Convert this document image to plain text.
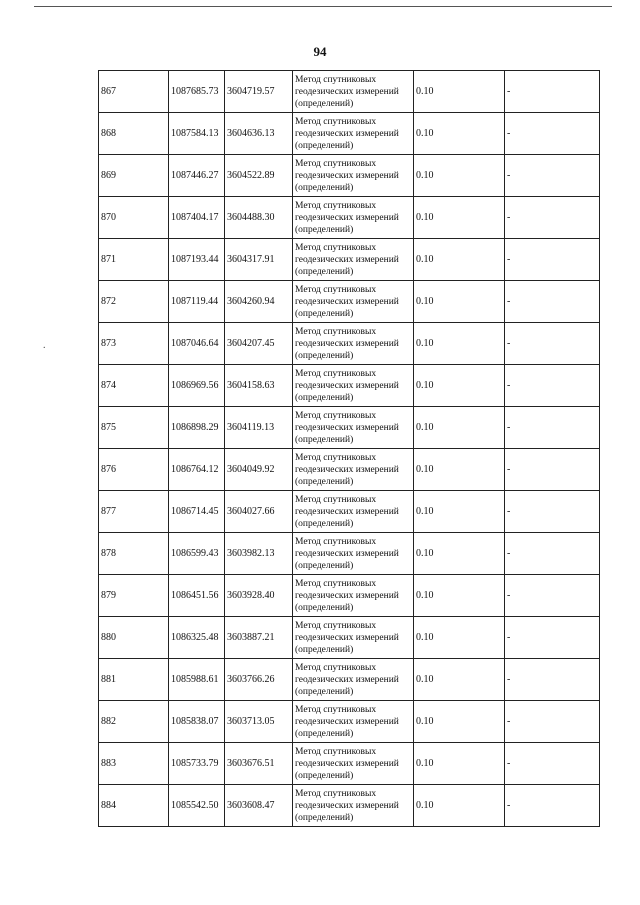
94
.
867	1087685.73	3604719.57	Метод спутниковых геодезических измерений (определений)	0.10	-
868	1087584.13	3604636.13	Метод спутниковых геодезических измерений (определений)	0.10	-
869	1087446.27	3604522.89	Метод спутниковых геодезических измерений (определений)	0.10	-
870	1087404.17	3604488.30	Метод спутниковых геодезических измерений (определений)	0.10	-
871	1087193.44	3604317.91	Метод спутниковых геодезических измерений (определений)	0.10	-
872	1087119.44	3604260.94	Метод спутниковых геодезических измерений (определений)	0.10	-
873	1087046.64	3604207.45	Метод спутниковых геодезических измерений (определений)	0.10	-
874	1086969.56	3604158.63	Метод спутниковых геодезических измерений (определений)	0.10	-
875	1086898.29	3604119.13	Метод спутниковых геодезических измерений (определений)	0.10	-
876	1086764.12	3604049.92	Метод спутниковых геодезических измерений (определений)	0.10	-
877	1086714.45	3604027.66	Метод спутниковых геодезических измерений (определений)	0.10	-
878	1086599.43	3603982.13	Метод спутниковых геодезических измерений (определений)	0.10	-
879	1086451.56	3603928.40	Метод спутниковых геодезических измерений (определений)	0.10	-
880	1086325.48	3603887.21	Метод спутниковых геодезических измерений (определений)	0.10	-
881	1085988.61	3603766.26	Метод спутниковых геодезических измерений (определений)	0.10	-
882	1085838.07	3603713.05	Метод спутниковых геодезических измерений (определений)	0.10	-
883	1085733.79	3603676.51	Метод спутниковых геодезических измерений (определений)	0.10	-
884	1085542.50	3603608.47	Метод спутниковых геодезических измерений (определений)	0.10	-
